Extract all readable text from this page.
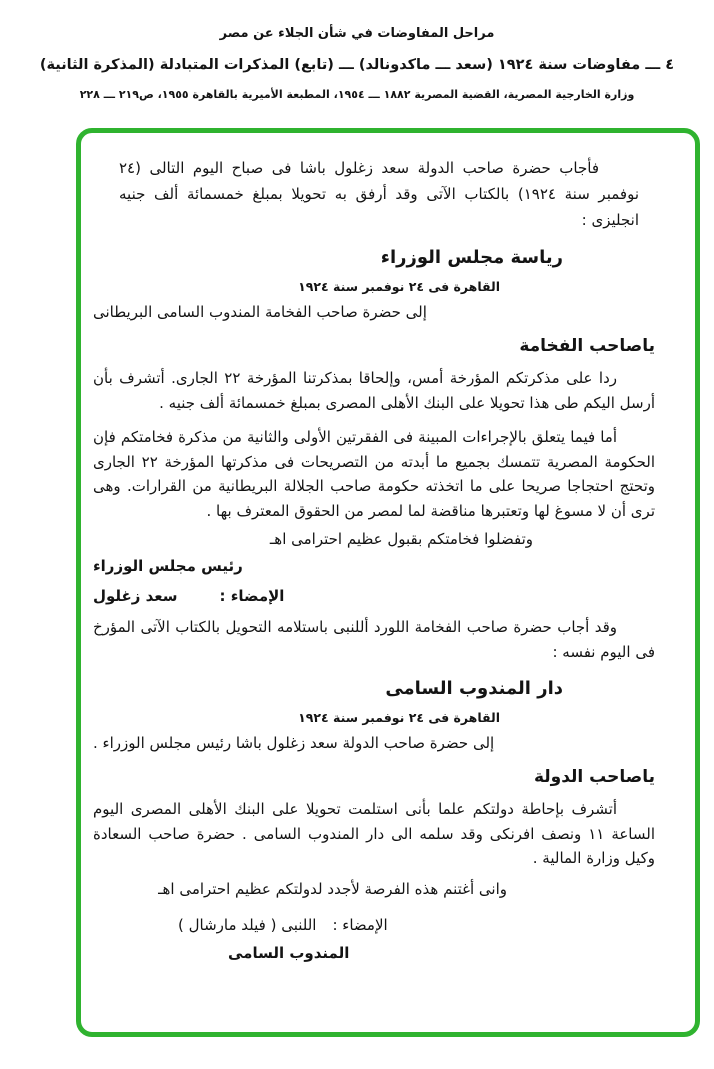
مراحل المفاوضات في شأن الجلاء عن مصر
٤ ـــ مفاوضات سنة ١٩٢٤ (سعد ـــ ماكدونالد) ـــ (تابع) المذكرات المتبادلة (المذكرة الثانية)
وزارة الخارجية المصرية، القضية المصرية ١٨٨٢ ـــ ١٩٥٤، المطبعة الأميرية بالقاهرة ١٩٥٥، ص٢١٩ ـــ ٢٢٨

فأجاب حضرة صاحب الدولة سعد زغلول باشا فى صباح اليوم التالى (٢٤ نوفمبر سنة ١٩٢٤) بالكتاب الآتى وقد أرفق به تحويلا بمبلغ خمسمائة ألف جنيه انجليزى :

رياسة مجلس الوزراء
القاهرة فى ٢٤ نوفمبر سنة ١٩٢٤
إلى حضرة صاحب الفخامة المندوب السامى البريطانى
ياصاحب الفخامة

ردا على مذكرتكم المؤرخة أمس، وإلحاقا بمذكرتنا المؤرخة ٢٢ الجارى. أتشرف بأن أرسل اليكم طى هذا تحويلا على البنك الأهلى المصرى بمبلغ خمسمائة ألف جنيه .

أما فيما يتعلق بالإجراءات المبينة فى الفقرتين الأولى والثانية من مذكرة فخامتكم فإن الحكومة المصرية تتمسك بجميع ما أبدته من التصريحات فى مذكرتها المؤرخة ٢٢ الجارى وتحتج احتجاجا صريحا على ما اتخذته حكومة صاحب الجلالة البريطانية من القرارات. وهى ترى أن لا مسوغ لها وتعتبرها مناقضة لما لمصر من الحقوق المعترف بها .

وتفضلوا فخامتكم بقبول عظيم احترامى اهـ
رئيس مجلس الوزراء
الإمضاء :سعد زغلول

وقد أجاب حضرة صاحب الفخامة اللورد أللنبى باستلامه التحويل بالكتاب الآتى المؤرخ فى اليوم نفسه :

دار المندوب السامى
القاهرة فى ٢٤ نوفمبر سنة ١٩٢٤
إلى حضرة صاحب الدولة سعد زغلول باشا رئيس مجلس الوزراء .
ياصاحب الدولة

أتشرف بإحاطة دولتكم علما بأنى استلمت تحويلا على البنك الأهلى المصرى اليوم الساعة ١١ ونصف افرنكى وقد سلمه الى دار المندوب السامى . حضرة صاحب السعادة وكيل وزارة المالية .

وانى أغتنم هذه الفرصة لأجدد لدولتكم عظيم احترامى اهـ
الإمضاء :اللنبى ( فيلد مارشال )
المندوب السامى
